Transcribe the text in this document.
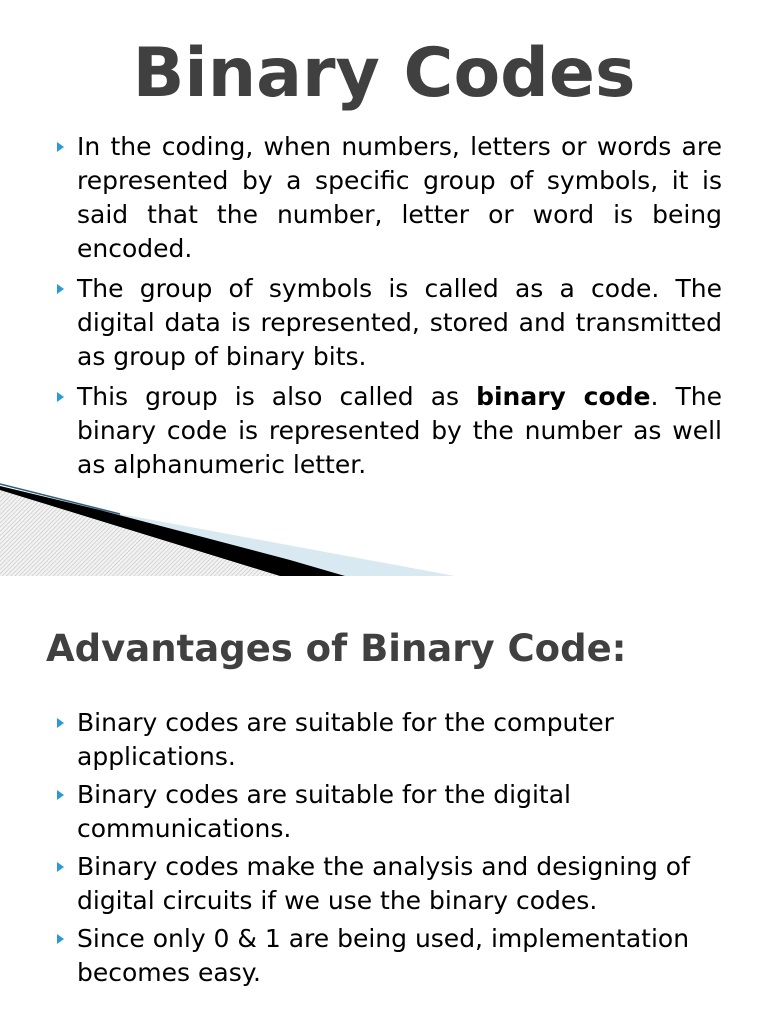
Binary Codes
In the coding, when numbers, letters or words are represented by a specific group of symbols, it is said that the number, letter or word is being encoded.
The group of symbols is called as a code. The digital data is represented, stored and transmitted as group of binary bits.
This group is also called as binary code. The binary code is represented by the number as well as alphanumeric letter.
Advantages of Binary Code:
Binary codes are suitable for the computer applications.
Binary codes are suitable for the digital communications.
Binary codes make the analysis and designing of digital circuits if we use the binary codes.
Since only 0 & 1 are being used, implementation becomes easy.
